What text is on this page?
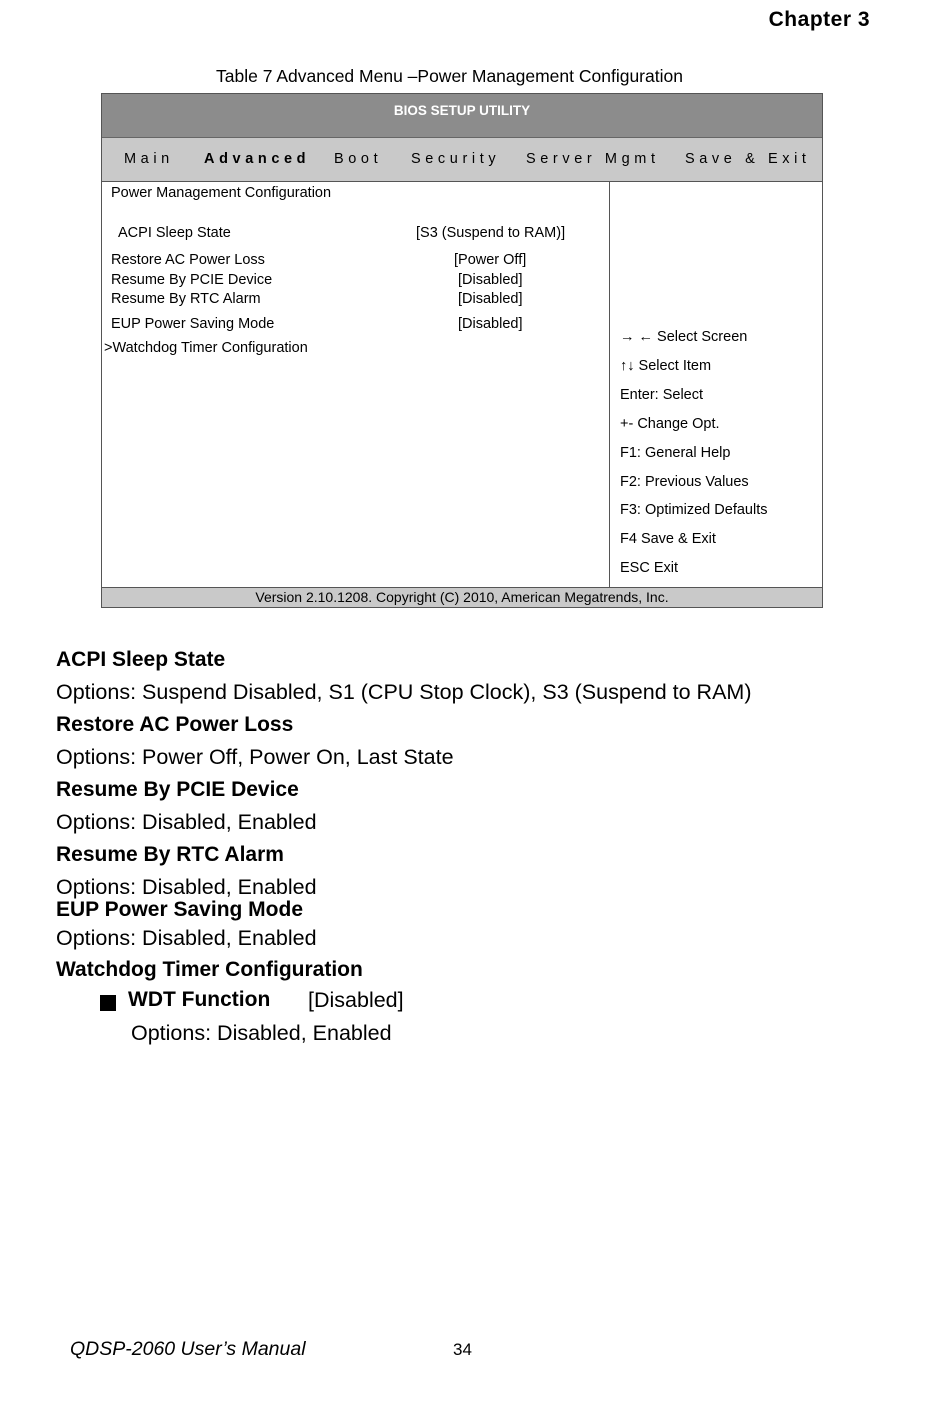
Chapter 3
Table 7 Advanced Menu –Power Management Configuration
BIOS SETUP UTILITY
Main Advanced Boot Security Server Mgmt Save & Exit
Power Management Configuration
ACPI Sleep State	[S3 (Suspend to RAM)]
Restore AC Power Loss	[Power Off]
Resume By PCIE Device	[Disabled]
Resume By RTC Alarm	[Disabled]
EUP Power Saving Mode	[Disabled]
>Watchdog Timer Configuration
→ ← Select Screen
↑↓ Select Item
Enter: Select
+- Change Opt.
F1: General Help
F2: Previous Values
F3: Optimized Defaults
F4 Save & Exit
ESC Exit
Version 2.10.1208. Copyright (C) 2010, American Megatrends, Inc.
ACPI Sleep State
Options: Suspend Disabled, S1 (CPU Stop Clock), S3 (Suspend to RAM)
Restore AC Power Loss
Options: Power Off, Power On, Last State
Resume By PCIE Device
Options: Disabled, Enabled
Resume By RTC Alarm
Options: Disabled, Enabled
EUP Power Saving Mode
Options: Disabled, Enabled
Watchdog Timer Configuration
WDT Function [Disabled]
Options: Disabled, Enabled
QDSP-2060 User’s Manual	34
